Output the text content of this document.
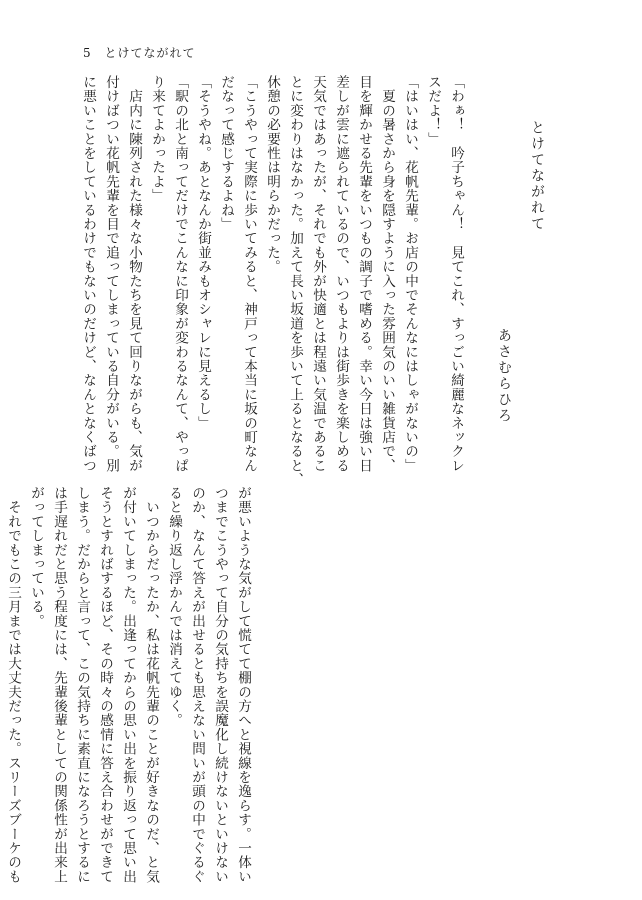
5 とけてながれて
とけてながれて
あさむらひろ
「わぁ！　吟子ちゃん！　見てこれ、すっごい綺麗なネックレ
スだよ！」
「はいはい、花帆先輩。お店の中でそんなにはしゃがないの」
　夏の暑さから身を隠すように入った雰囲気のいい雑貨店で、
目を輝かせる先輩をいつもの調子で嗜める。幸い今日は強い日
差しが雲に遮られているので、いつもよりは街歩きを楽しめる
天気ではあったが、それでも外が快適とは程遠い気温であるこ
とに変わりはなかった。加えて長い坂道を歩いて上るとなると、
休憩の必要性は明らかだった。
「こうやって実際に歩いてみると、神戸って本当に坂の町なん
だなって感じするよね」
「そうやね。あとなんか街並みもオシャレに見えるし」
「駅の北と南ってだけでこんなに印象が変わるなんて、やっぱ
り来てよかったよ」
　店内に陳列された様々な小物たちを見て回りながらも、気が
付けばつい花帆先輩を目で追ってしまっている自分がいる。別
に悪いことをしているわけでもないのだけど、なんとなくばつ
が悪いような気がして慌てて棚の方へと視線を逸らす。一体い
つまでこうやって自分の気持ちを誤魔化し続けないといけない
のか、なんて答えが出せるとも思えない問いが頭の中でぐるぐ
ると繰り返し浮かんでは消えてゆく。
　いつからだったか、私は花帆先輩のことが好きなのだ、と気
が付いてしまった。出逢ってからの思い出を振り返って思い出
そうとすればするほど、その時々の感情に答え合わせができて
しまう。だからと言って、この気持ちに素直になろうとするに
は手遅れだと思う程度には、先輩後輩としての関係性が出来上
がってしまっている。
　それでもこの三月までは大丈夫だった。スリーズブーケのも
